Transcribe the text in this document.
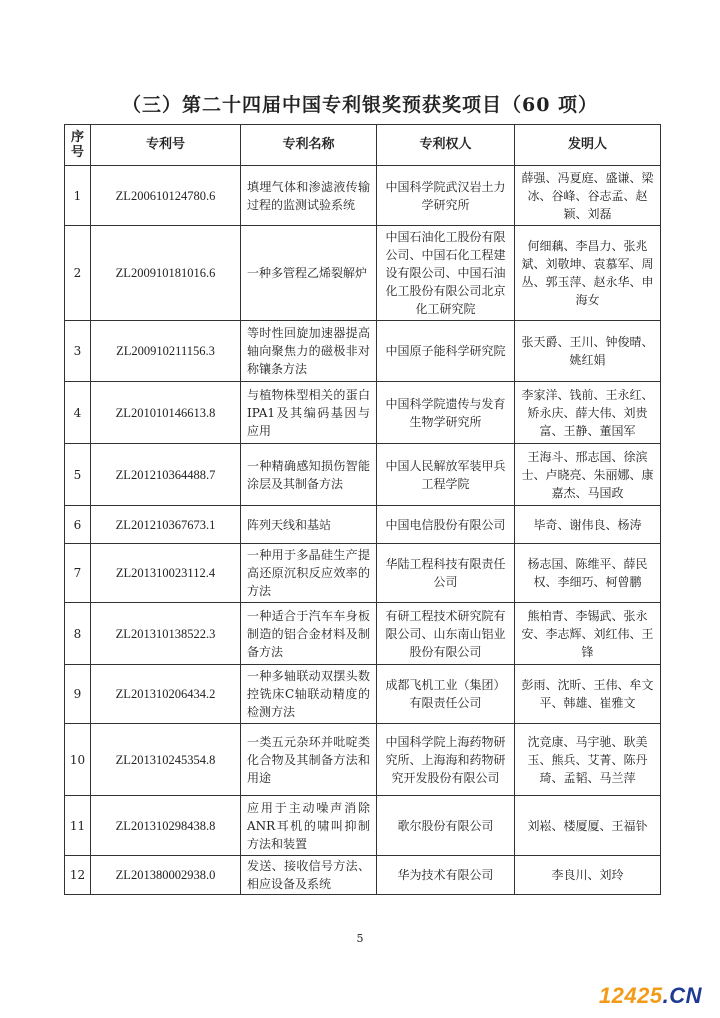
（三）第二十四届中国专利银奖预获奖项目（60 项）
序号	专利号	专利名称	专利权人	发明人
1	ZL200610124780.6	填埋气体和渗滤液传输过程的监测试验系统	中国科学院武汉岩土力学研究所	薛强、冯夏庭、盛谦、梁冰、谷峰、谷志孟、赵颖、刘磊
2	ZL200910181016.6	一种多管程乙烯裂解炉	中国石油化工股份有限公司、中国石化工程建设有限公司、中国石油化工股份有限公司北京化工研究院	何细藕、李昌力、张兆斌、刘敬坤、袁慕军、周丛、郭玉萍、赵永华、申海女
3	ZL200910211156.3	等时性回旋加速器提高轴向聚焦力的磁极非对称镶条方法	中国原子能科学研究院	张天爵、王川、钟俊晴、姚红娟
4	ZL201010146613.8	与植物株型相关的蛋白IPA1及其编码基因与应用	中国科学院遗传与发育生物学研究所	李家洋、钱前、王永红、矫永庆、薛大伟、刘贵富、王静、董国军
5	ZL201210364488.7	一种精确感知损伤智能涂层及其制备方法	中国人民解放军装甲兵工程学院	王海斗、邢志国、徐滨士、卢晓亮、朱丽娜、康嘉杰、马国政
6	ZL201210367673.1	阵列天线和基站	中国电信股份有限公司	毕奇、谢伟良、杨涛
7	ZL201310023112.4	一种用于多晶硅生产提高还原沉积反应效率的方法	华陆工程科技有限责任公司	杨志国、陈维平、薛民权、李细巧、柯曾鹏
8	ZL201310138522.3	一种适合于汽车车身板制造的铝合金材料及制备方法	有研工程技术研究院有限公司、山东南山铝业股份有限公司	熊柏青、李锡武、张永安、李志辉、刘红伟、王锋
9	ZL201310206434.2	一种多轴联动双摆头数控铣床C轴联动精度的检测方法	成都飞机工业（集团）有限责任公司	彭雨、沈昕、王伟、牟文平、韩雄、崔雅文
10	ZL201310245354.8	一类五元杂环并吡啶类化合物及其制备方法和用途	中国科学院上海药物研究所、上海海和药物研究开发股份有限公司	沈竞康、马宇驰、耿美玉、熊兵、艾菁、陈丹琦、孟韬、马兰萍
11	ZL201310298438.8	应用于主动噪声消除ANR耳机的啸叫抑制方法和装置	歌尔股份有限公司	刘崧、楼厦厦、王福钋
12	ZL201380002938.0	发送、接收信号方法、相应设备及系统	华为技术有限公司	李良川、刘玲
5
12425.CN
